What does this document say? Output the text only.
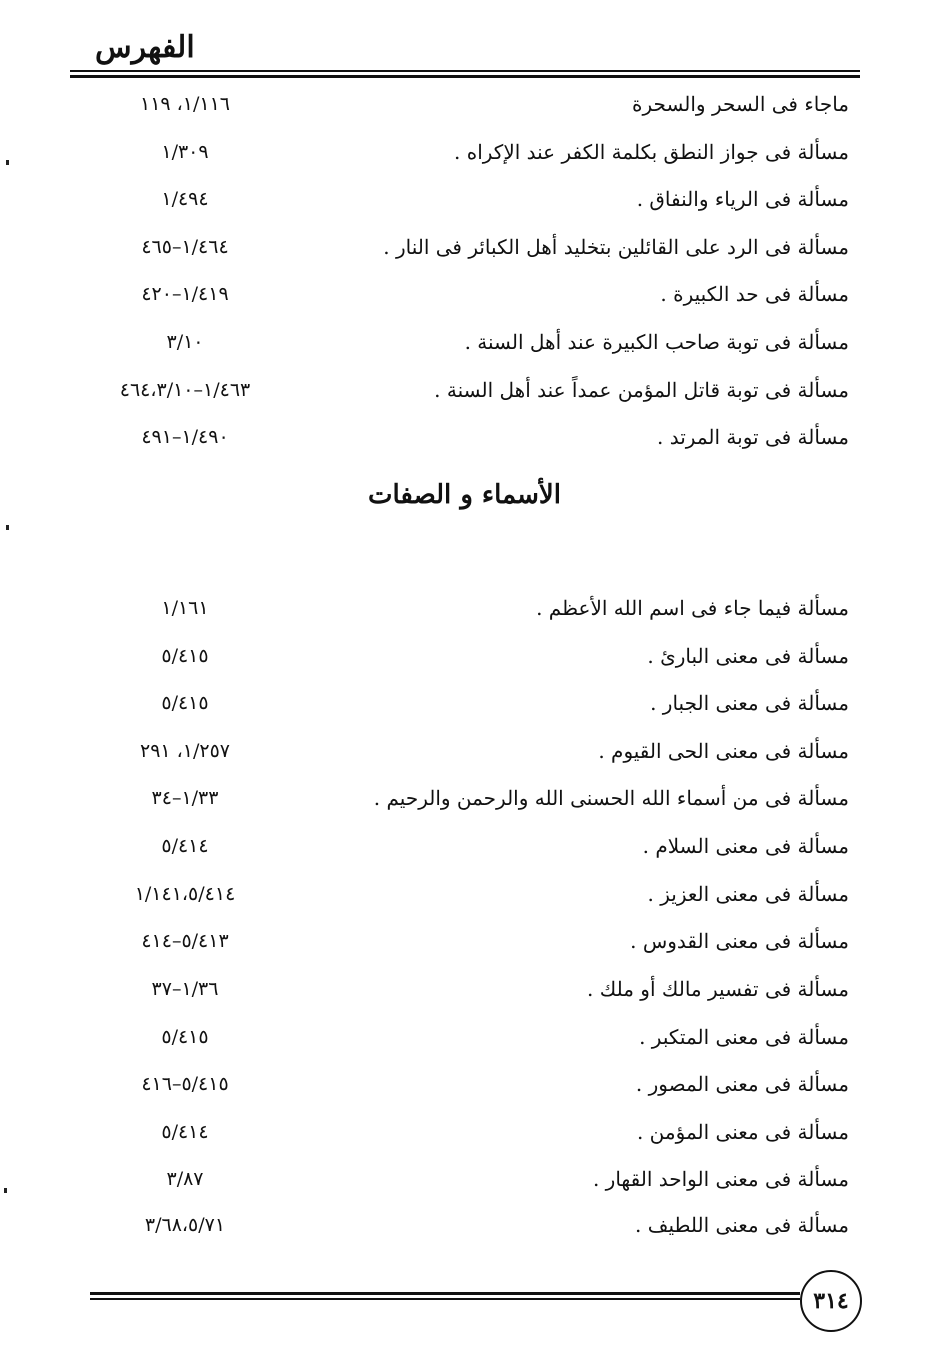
الفهرس
ماجاء فى السحر والسحرة
١/١١٦، ١١٩
مسألة فى جواز النطق بكلمة الكفر عند الإكراه .
١/٣٠٩
مسألة فى الرياء والنفاق .
١/٤٩٤
مسألة فى الرد على القائلين بتخليد أهل الكبائر فى النار .
١/٤٦٤–٤٦٥
مسألة فى حد الكبيرة .
١/٤١٩–٤٢٠
مسألة فى توبة صاحب الكبيرة عند أهل السنة .
٣/١٠
مسألة فى توبة قاتل المؤمن عمداً عند أهل السنة .
١/٤٦٣–٤٦٤،٣/١٠
مسألة فى توبة المرتد .
١/٤٩٠–٤٩١
الأسماء و الصفات
مسألة فيما جاء فى اسم الله الأعظم .
١/١٦١
مسألة فى معنى البارئ .
٥/٤١٥
مسألة فى معنى الجبار .
٥/٤١٥
مسألة فى معنى الحى القيوم .
١/٢٥٧، ٢٩١
مسألة فى من أسماء الله الحسنى الله والرحمن والرحيم .
١/٣٣–٣٤
مسألة فى معنى السلام .
٥/٤١٤
مسألة فى معنى العزيز .
١/١٤١،٥/٤١٤
مسألة فى معنى القدوس .
٥/٤١٣–٤١٤
مسألة فى تفسير مالك أو ملك .
١/٣٦–٣٧
مسألة فى معنى المتكبر .
٥/٤١٥
مسألة فى معنى المصور .
٥/٤١٥–٤١٦
مسألة فى معنى المؤمن .
٥/٤١٤
مسألة فى معنى الواحد القهار .
٣/٨٧
مسألة فى معنى اللطيف .
٣/٦٨،٥/٧١
٣١٤
